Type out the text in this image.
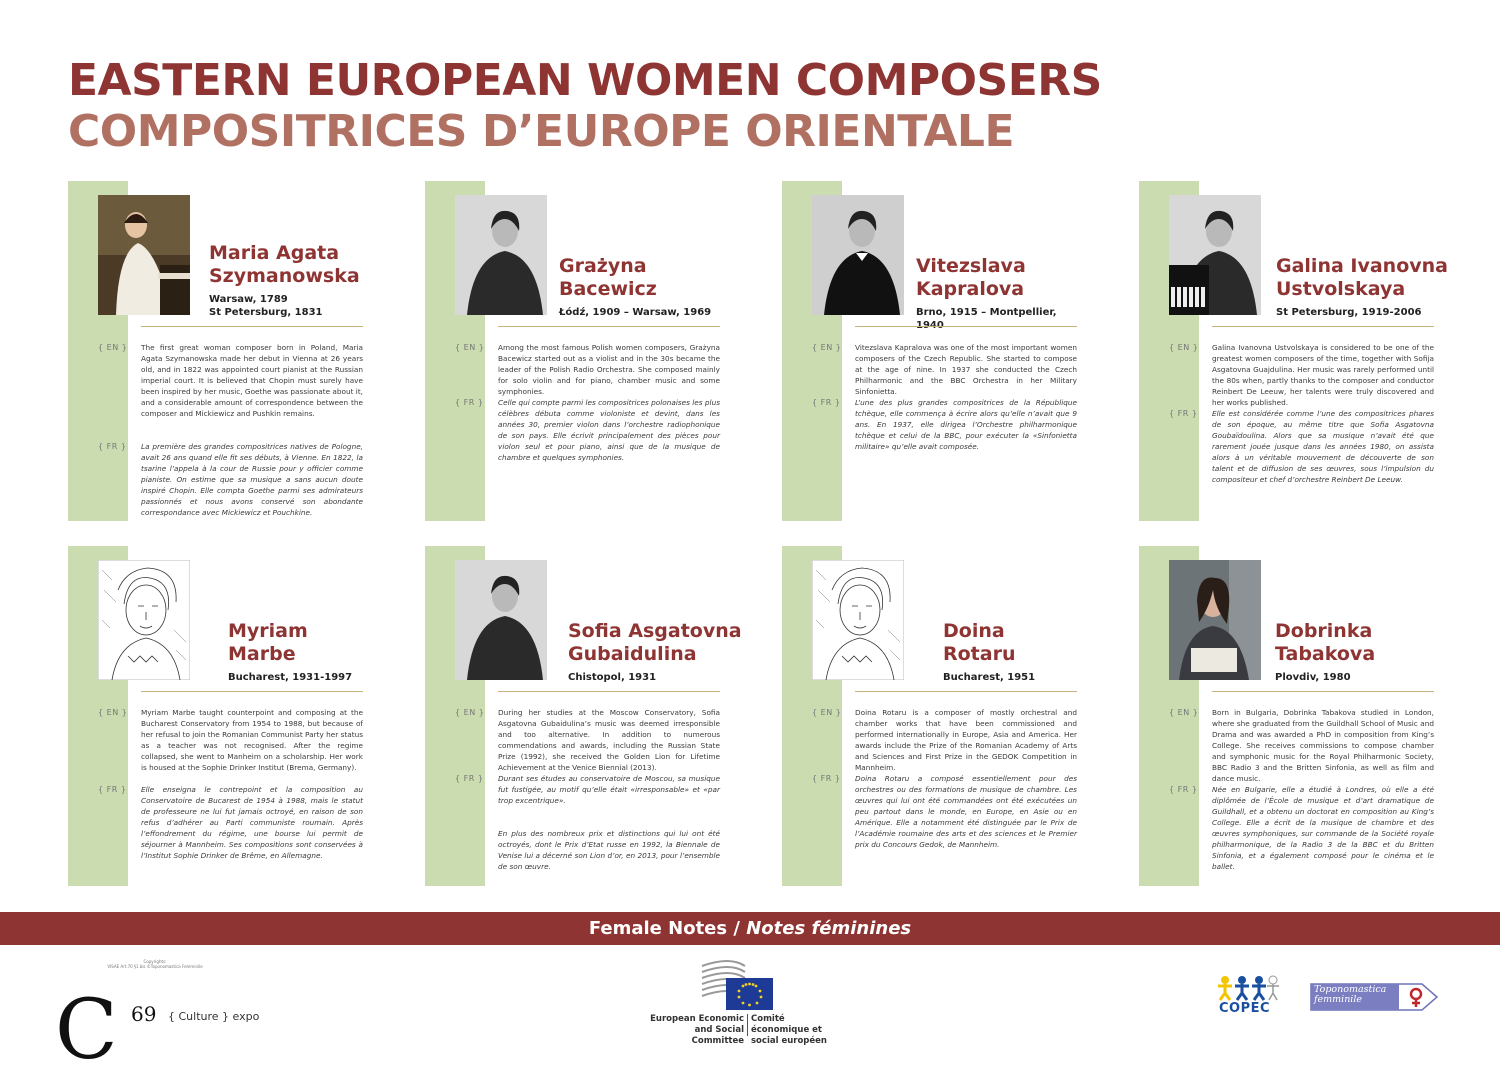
EASTERN EUROPEAN WOMEN COMPOSERS
COMPOSITRICES D’EUROPE ORIENTALE
Maria Agata
Szymanowska
Warsaw, 1789
St Petersburg, 1831
{ EN } The first great woman composer born in Poland, Maria Agata Szymanowska made her debut in Vienna at 26 years old, and in 1822 was appointed court pianist at the Russian imperial court. It is believed that Chopin must surely have been inspired by her music, Goethe was passionate about it, and a considerable amount of correspondence between the composer and Mickiewicz and Pushkin remains.

{ FR } La première des grandes compositrices natives de Pologne, avait 26 ans quand elle fit ses débuts, à Vienne. En 1822, la tsarine l’appela à la cour de Russie pour y officier comme pianiste. On estime que sa musique a sans aucun doute inspiré Chopin. Elle compta Goethe parmi ses admirateurs passionnés et nous avons conservé son abondante correspondance avec Mickiewicz et Pouchkine.

Grażyna
Bacewicz
Łódź, 1909 – Warsaw, 1969
{ EN } Among the most famous Polish women composers, Grażyna Bacewicz started out as a violist and in the 30s became the leader of the Polish Radio Orchestra. She composed mainly for solo violin and for piano, chamber music and some symphonies.

{ FR } Celle qui compte parmi les compositrices polonaises les plus célèbres débuta comme violoniste et devint, dans les années 30, premier violon dans l’orchestre radiophonique de son pays. Elle écrivit principalement des pièces pour violon seul et pour piano, ainsi que de la musique de chambre et quelques symphonies.

Vitezslava
Kapralova
Brno, 1915 – Montpellier,
{ EN } Vitezslava Kapralova was one of the most important women composers of the Czech Republic. She started to compose at the age of nine. In 1937 she conducted the Czech Philharmonic and the BBC Orchestra in her Military Sinfonietta.

{ FR } L’une des plus grandes compositrices de la République tchèque, elle commença à écrire alors qu’elle n’avait que 9 ans. En 1937, elle dirigea l’Orchestre philharmonique tchèque et celui de la BBC, pour exécuter la «Sinfonietta militaire» qu’elle avait composée.

Galina Ivanovna
Ustvolskaya
St Petersburg, 1919-2006
{ EN } Galina Ivanovna Ustvolskaya is considered to be one of the greatest women composers of the time, together with Sofija Asgatovna Guajdulina. Her music was rarely performed until the 80s when, partly thanks to the composer and conductor Reinbert De Leeuw, her talents were truly discovered and her works published.

{ FR } Elle est considérée comme l’une des compositrices phares de son époque, au même titre que Sofia Asgatovna Goubaïdoulina. Alors que sa musique n’avait été que rarement jouée jusque dans les années 1980, on assista alors à un véritable mouvement de découverte de son talent et de diffusion de ses œuvres, sous l’impulsion du compositeur et chef d’orchestre Reinbert De Leeuw.

Myriam
Marbe
Bucharest, 1931-1997
{ EN } Myriam Marbe taught counterpoint and composing at the Bucharest Conservatory from 1954 to 1988, but because of her refusal to join the Romanian Communist Party her status as a teacher was not recognised. After the regime collapsed, she went to Manheim on a scholarship. Her work is housed at the Sophie Drinker Institut (Brema, Germany).

{ FR } Elle enseigna le contrepoint et la composition au Conservatoire de Bucarest de 1954 à 1988, mais le statut de professeure ne lui fut jamais octroyé, en raison de son refus d’adhérer au Parti communiste roumain. Après l’effondrement du régime, une bourse lui permit de séjourner à Mannheim. Ses compositions sont conservées à l’Institut Sophie Drinker de Brême, en Allemagne.

Sofia Asgatovna
Gubaidulina
Chistopol, 1931
{ EN } During her studies at the Moscow Conservatory, Sofia Asgatovna Gubaidulina’s music was deemed irresponsible and too alternative. In addition to numerous commendations and awards, including the Russian State Prize (1992), she received the Golden Lion for Lifetime Achievement at the Venice Biennial (2013).

{ FR } Durant ses études au conservatoire de Moscou, sa musique fut fustigée, au motif qu’elle était «irresponsable» et «par trop excentrique».

En plus des nombreux prix et distinctions qui lui ont été octroyés, dont le Prix d’Etat russe en 1992, la Biennale de Venise lui a décerné son Lion d’or, en 2013, pour l’ensemble de son œuvre.

Doina
Rotaru
Bucharest, 1951
{ EN } Doina Rotaru is a composer of mostly orchestral and chamber works that have been commissioned and performed internationally in Europe, Asia and America. Her awards include the Prize of the Romanian Academy of Arts and Sciences and First Prize in the GEDOK Competition in Mannheim.

{ FR } Doina Rotaru a composé essentiellement pour des orchestres ou des formations de musique de chambre. Les œuvres qui lui ont été commandées ont été exécutées un peu partout dans le monde, en Europe, en Asie ou en Amérique. Elle a notamment été distinguée par le Prix de l’Académie roumaine des arts et des sciences et le Premier prix du Concours Gedok, de Mannheim.

Dobrinka
Tabakova
Plovdiv, 1980
{ EN } Born in Bulgaria, Dobrinka Tabakova studied in London, where she graduated from the Guildhall School of Music and Drama and was awarded a PhD in composition from King’s College. She receives commissions to compose chamber and symphonic music for the Royal Philharmonic Society, BBC Radio 3 and the Britten Sinfonia, as well as film and dance music.

{ FR } Née en Bulgarie, elle a étudié à Londres, où elle a été diplômée de l’École de musique et d’art dramatique de Guildhall, et a obtenu un doctorat en composition au King’s College. Elle a écrit de la musique de chambre et des œuvres symphoniques, sur commande de la Société royale philharmonique, de la Radio 3 de la BBC et du Britten Sinfonia, et a également composé pour le cinéma et le ballet.

Female Notes / Notes féminines
Copyrights:
VISAE Art.70 §1 bis ©Toponomastica Femminile
C 69 { Culture } expo	European Economic and Social Committee
Comité économique et social européen
COPEC
Toponomastica femminile
